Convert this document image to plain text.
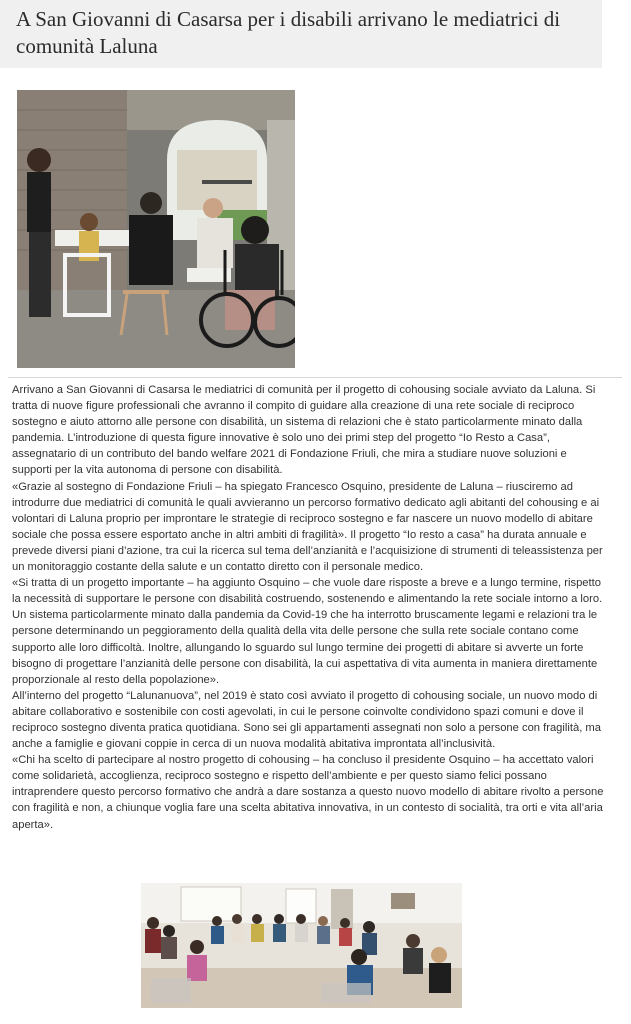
A San Giovanni di Casarsa per i disabili arrivano le mediatrici di comunità Laluna

Arrivano a San Giovanni di Casarsa le mediatrici di comunità per il progetto di cohousing sociale avviato da Laluna. Si tratta di nuove figure professionali che avranno il compito di guidare alla creazione di una rete sociale di reciproco sostegno e aiuto attorno alle persone con disabilità, un sistema di relazioni che è stato particolarmente minato dalla pandemia. L’introduzione di questa figure innovative è solo uno dei primi step del progetto “Io Resto a Casa”, assegnatario di un contributo del bando welfare 2021 di Fondazione Friuli, che mira a studiare nuove soluzioni e supporti per la vita autonoma di persone con disabilità.

«Grazie al sostegno di Fondazione Friuli – ha spiegato Francesco Osquino, presidente de Laluna – riusciremo ad introdurre due mediatrici di comunità le quali avvieranno un percorso formativo dedicato agli abitanti del cohousing e ai volontari di Laluna proprio per improntare le strategie di reciproco sostegno e far nascere un nuovo modello di abitare sociale che possa essere esportato anche in altri ambiti di fragilità». Il progetto “Io resto a casa” ha durata annuale e prevede diversi piani d’azione, tra cui la ricerca sul tema dell’anzianità e l’acquisizione di strumenti di teleassistenza per un monitoraggio costante della salute e un contatto diretto con il personale medico.

«Si tratta di un progetto importante – ha aggiunto Osquino – che vuole dare risposte a breve e a lungo termine, rispetto la necessità di supportare le persone con disabilità costruendo, sostenendo e alimentando la rete sociale intorno a loro. Un sistema particolarmente minato dalla pandemia da Covid-19 che ha interrotto bruscamente legami e relazioni tra le persone determinando un peggioramento della qualità della vita delle persone che sulla rete sociale contano come supporto alle loro difficoltà. Inoltre, allungando lo sguardo sul lungo termine dei progetti di abitare si avverte un forte bisogno di progettare l’anzianità delle persone con disabilità, la cui aspettativa di vita aumenta in maniera direttamente proporzionale al resto della popolazione».

All’interno del progetto “Lalunanuova”, nel 2019 è stato così avviato il progetto di cohousing sociale, un nuovo modo di abitare collaborativo e sostenibile con costi agevolati, in cui le persone coinvolte condividono spazi comuni e dove il reciproco sostegno diventa pratica quotidiana. Sono sei gli appartamenti assegnati non solo a persone con fragilità, ma anche a famiglie e giovani coppie in cerca di un nuova modalità abitativa improntata all’inclusività.

«Chi ha scelto di partecipare al nostro progetto di cohousing – ha concluso il presidente Osquino – ha accettato valori come solidarietà, accoglienza, reciproco sostegno e rispetto dell’ambiente e per questo siamo felici possano intraprendere questo percorso formativo che andrà a dare sostanza a questo nuovo modello di abitare rivolto a persone con fragilità e non, a chiunque voglia fare una scelta abitativa innovativa, in un contesto di socialità, tra orti e vita all’aria aperta».
